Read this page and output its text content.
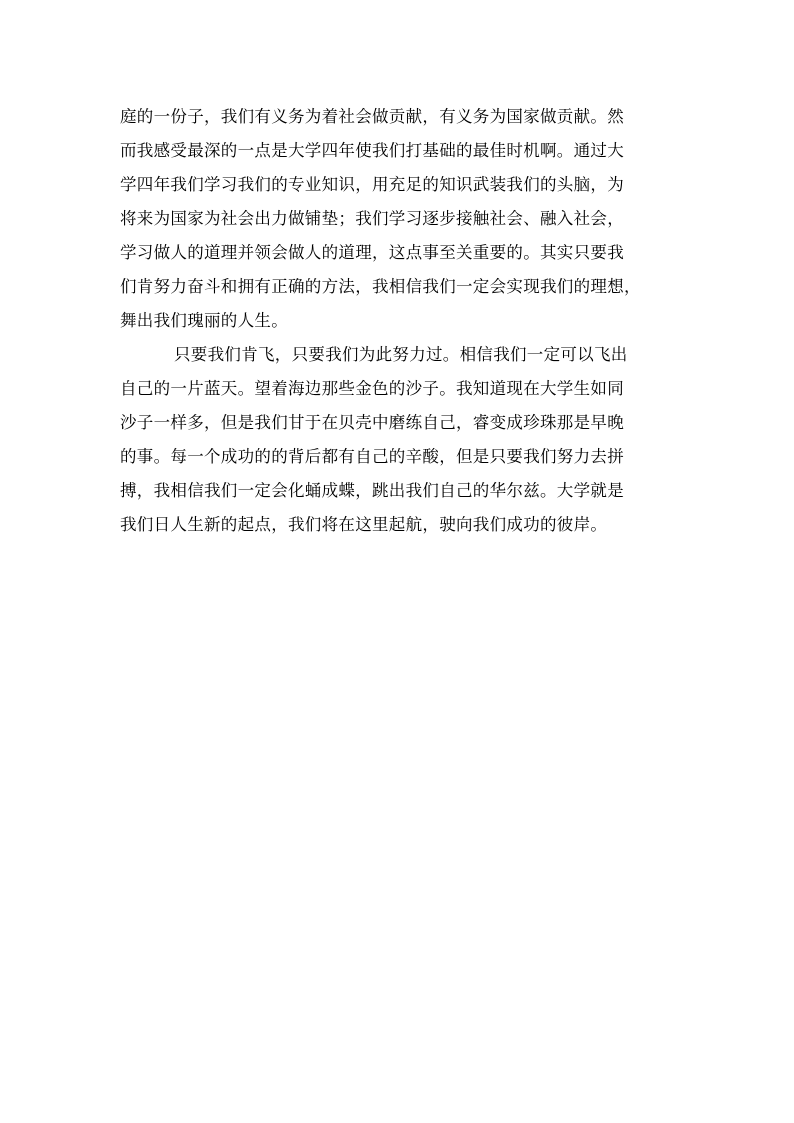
庭的一份子，我们有义务为着社会做贡献，有义务为国家做贡献。然
而我感受最深的一点是大学四年使我们打基础的最佳时机啊。通过大
学四年我们学习我们的专业知识，用充足的知识武装我们的头脑，为
将来为国家为社会出力做铺垫；我们学习逐步接触社会、融入社会，
学习做人的道理并领会做人的道理，这点事至关重要的。其实只要我
们肯努力奋斗和拥有正确的方法，我相信我们一定会实现我们的理想，
舞出我们瑰丽的人生。
只要我们肯飞，只要我们为此努力过。相信我们一定可以飞出
自己的一片蓝天。望着海边那些金色的沙子。我知道现在大学生如同
沙子一样多，但是我们甘于在贝壳中磨练自己，睿变成珍珠那是早晚
的事。每一个成功的的背后都有自己的辛酸，但是只要我们努力去拼
搏，我相信我们一定会化蛹成蝶，跳出我们自己的华尔兹。大学就是
我们日人生新的起点，我们将在这里起航，驶向我们成功的彼岸。
